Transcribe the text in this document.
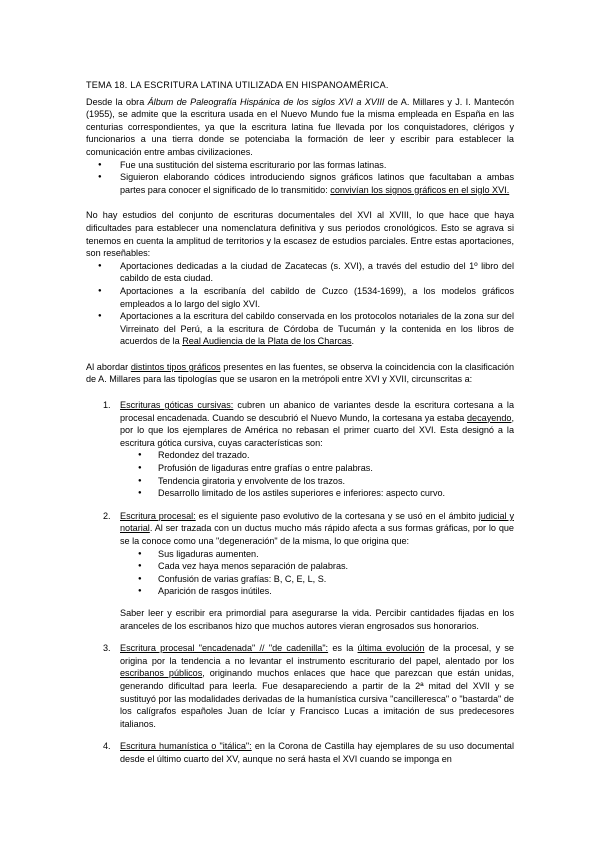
TEMA 18. LA ESCRITURA LATINA UTILIZADA EN HISPANOAMÉRICA.

Desde la obra Álbum de Paleografía Hispánica de los siglos XVI a XVIII de A. Millares y J. I. Mantecón (1955), se admite que la escritura usada en el Nuevo Mundo fue la misma empleada en España en las centurias correspondientes, ya que la escritura latina fue llevada por los conquistadores, clérigos y funcionarios a una tierra donde se potenciaba la formación de leer y escribir para establecer la comunicación entre ambas civilizaciones.

● Fue una sustitución del sistema escriturario por las formas latinas.
● Siguieron elaborando códices introduciendo signos gráficos latinos que facultaban a ambas partes para conocer el significado de lo transmitido: convivían los signos gráficos en el siglo XVI.

No hay estudios del conjunto de escrituras documentales del XVI al XVIII, lo que hace que haya dificultades para establecer una nomenclatura definitiva y sus periodos cronológicos. Esto se agrava si tenemos en cuenta la amplitud de territorios y la escasez de estudios parciales. Entre estas aportaciones, son reseñables:

● Aportaciones dedicadas a la ciudad de Zacatecas (s. XVI), a través del estudio del 1º libro del cabildo de esta ciudad.
● Aportaciones a la escribanía del cabildo de Cuzco (1534-1699), a los modelos gráficos empleados a lo largo del siglo XVI.
● Aportaciones a la escritura del cabildo conservada en los protocolos notariales de la zona sur del Virreinato del Perú, a la escritura de Córdoba de Tucumán y la contenida en los libros de acuerdos de la Real Audiencia de la Plata de los Charcas.

Al abordar distintos tipos gráficos presentes en las fuentes, se observa la coincidencia con la clasificación de A. Millares para las tipologías que se usaron en la metrópoli entre XVI y XVII, circunscritas a:

1. Escrituras góticas cursivas: cubren un abanico de variantes desde la escritura cortesana a la procesal encadenada. Cuando se descubrió el Nuevo Mundo, la cortesana ya estaba decayendo, por lo que los ejemplares de América no rebasan el primer cuarto del XVI. Esta designó a la escritura gótica cursiva, cuyas características son:
● Redondez del trazado.
● Profusión de ligaduras entre grafías o entre palabras.
● Tendencia giratoria y envolvente de los trazos.
● Desarrollo limitado de los astiles superiores e inferiores: aspecto curvo.
2. Escritura procesal: es el siguiente paso evolutivo de la cortesana y se usó en el ámbito judicial y notarial. Al ser trazada con un ductus mucho más rápido afecta a sus formas gráficas, por lo que se la conoce como una "degeneración" de la misma, lo que origina que:
● Sus ligaduras aumenten.
● Cada vez haya menos separación de palabras.
● Confusión de varias grafías: B, C, E, L, S.
● Aparición de rasgos inútiles.

Saber leer y escribir era primordial para asegurarse la vida. Percibir cantidades fijadas en los aranceles de los escribanos hizo que muchos autores vieran engrosados sus honorarios.

3. Escritura procesal "encadenada" // "de cadenilla": es la última evolución de la procesal, y se origina por la tendencia a no levantar el instrumento escriturario del papel, alentado por los escribanos públicos, originando muchos enlaces que hace que parezcan que están unidas, generando dificultad para leerla. Fue desapareciendo a partir de la 2ª mitad del XVII y se sustituyó por las modalidades derivadas de la humanística cursiva "cancilleresca" o "bastarda" de los calígrafos españoles Juan de Icíar y Francisco Lucas a imitación de sus predecesores italianos.
4. Escritura humanística o "itálica": en la Corona de Castilla hay ejemplares de su uso documental desde el último cuarto del XV, aunque no será hasta el XVI cuando se imponga en
